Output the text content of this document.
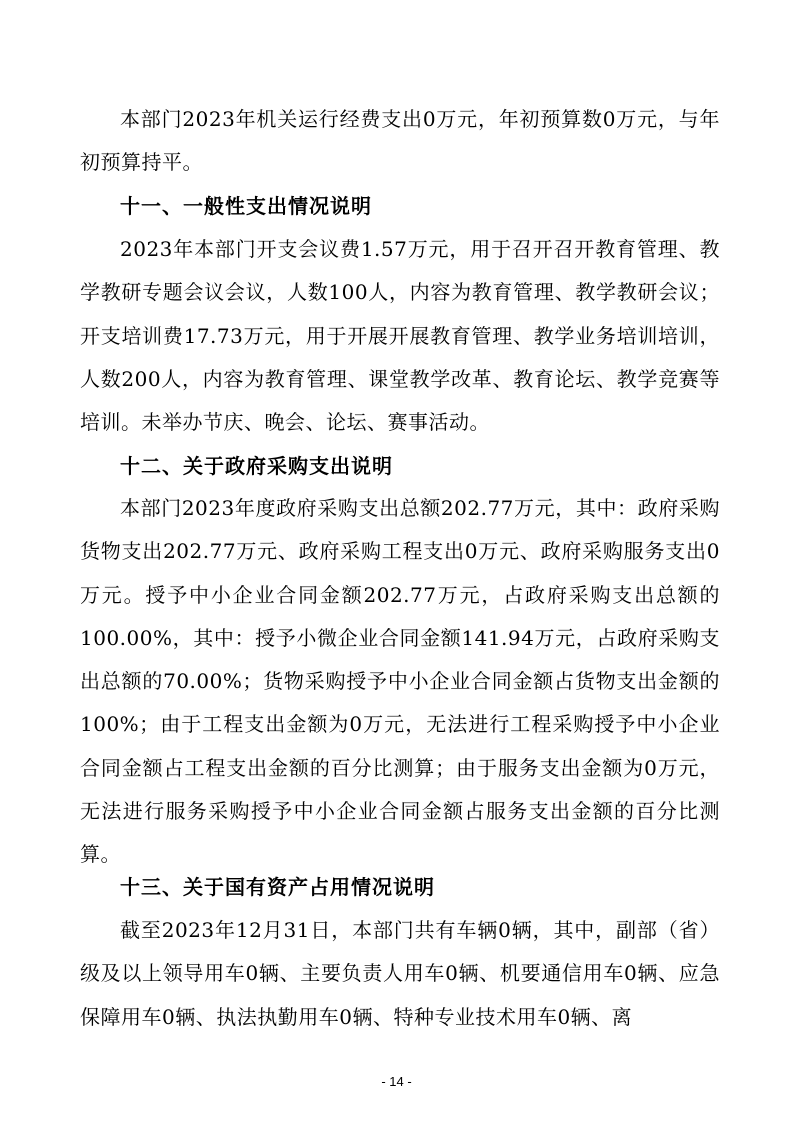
本部门2023年机关运行经费支出0万元，年初预算数0万元，与年初预算持平。
十一、一般性支出情况说明
2023年本部门开支会议费1.57万元，用于召开召开教育管理、教学教研专题会议会议，人数100人，内容为教育管理、教学教研会议；开支培训费17.73万元，用于开展开展教育管理、教学业务培训培训，人数200人，内容为教育管理、课堂教学改革、教育论坛、教学竞赛等培训。未举办节庆、晚会、论坛、赛事活动。
十二、关于政府采购支出说明
本部门2023年度政府采购支出总额202.77万元，其中：政府采购货物支出202.77万元、政府采购工程支出0万元、政府采购服务支出0万元。授予中小企业合同金额202.77万元，占政府采购支出总额的100.00%，其中：授予小微企业合同金额141.94万元，占政府采购支出总额的70.00%；货物采购授予中小企业合同金额占货物支出金额的100%；由于工程支出金额为0万元，无法进行工程采购授予中小企业合同金额占工程支出金额的百分比测算；由于服务支出金额为0万元，无法进行服务采购授予中小企业合同金额占服务支出金额的百分比测算。
十三、关于国有资产占用情况说明
截至2023年12月31日，本部门共有车辆0辆，其中，副部（省）级及以上领导用车0辆、主要负责人用车0辆、机要通信用车0辆、应急保障用车0辆、执法执勤用车0辆、特种专业技术用车0辆、离
- 14 -
